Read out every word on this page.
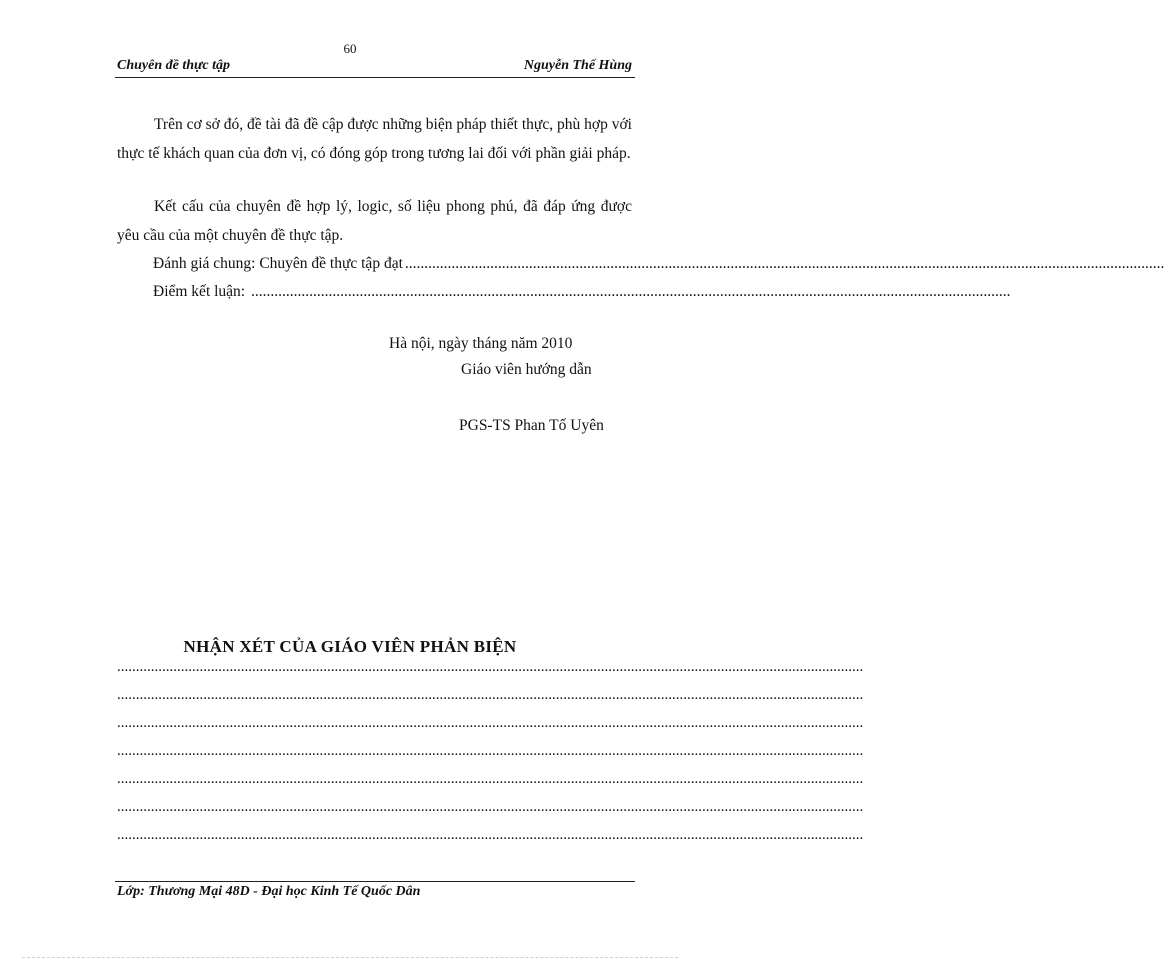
60
Chuyên đề thực tập	Nguyễn Thế Hùng

Trên cơ sở đó, đề tài đã đề cập được những biện pháp thiết thực, phù hợp với thực tế khách quan của đơn vị, có đóng góp trong tương lai đối với phần giải pháp.

Kết cấu của chuyên đề hợp lý, logic, số liệu phong phú, đã đáp ứng được yêu cầu của một chuyên đề thực tập.

Đánh giá chung: Chuyên đề thực tập đạt ....................................................................................................................................................................................................
Điểm kết luận: ....................................................................................................................................................................................................
Hà nội, ngày tháng năm 2010
Giáo viên hướng dẫn
PGS-TS Phan Tố Uyên
NHẬN XÉT CỦA GIÁO VIÊN PHẢN BIỆN
.......................................................................................................................................................................................................
.......................................................................................................................................................................................................
.......................................................................................................................................................................................................
.......................................................................................................................................................................................................
.......................................................................................................................................................................................................
.......................................................................................................................................................................................................
.......................................................................................................................................................................................................
Lớp: Thương Mại 48D - Đại học Kinh Tế Quốc Dân
